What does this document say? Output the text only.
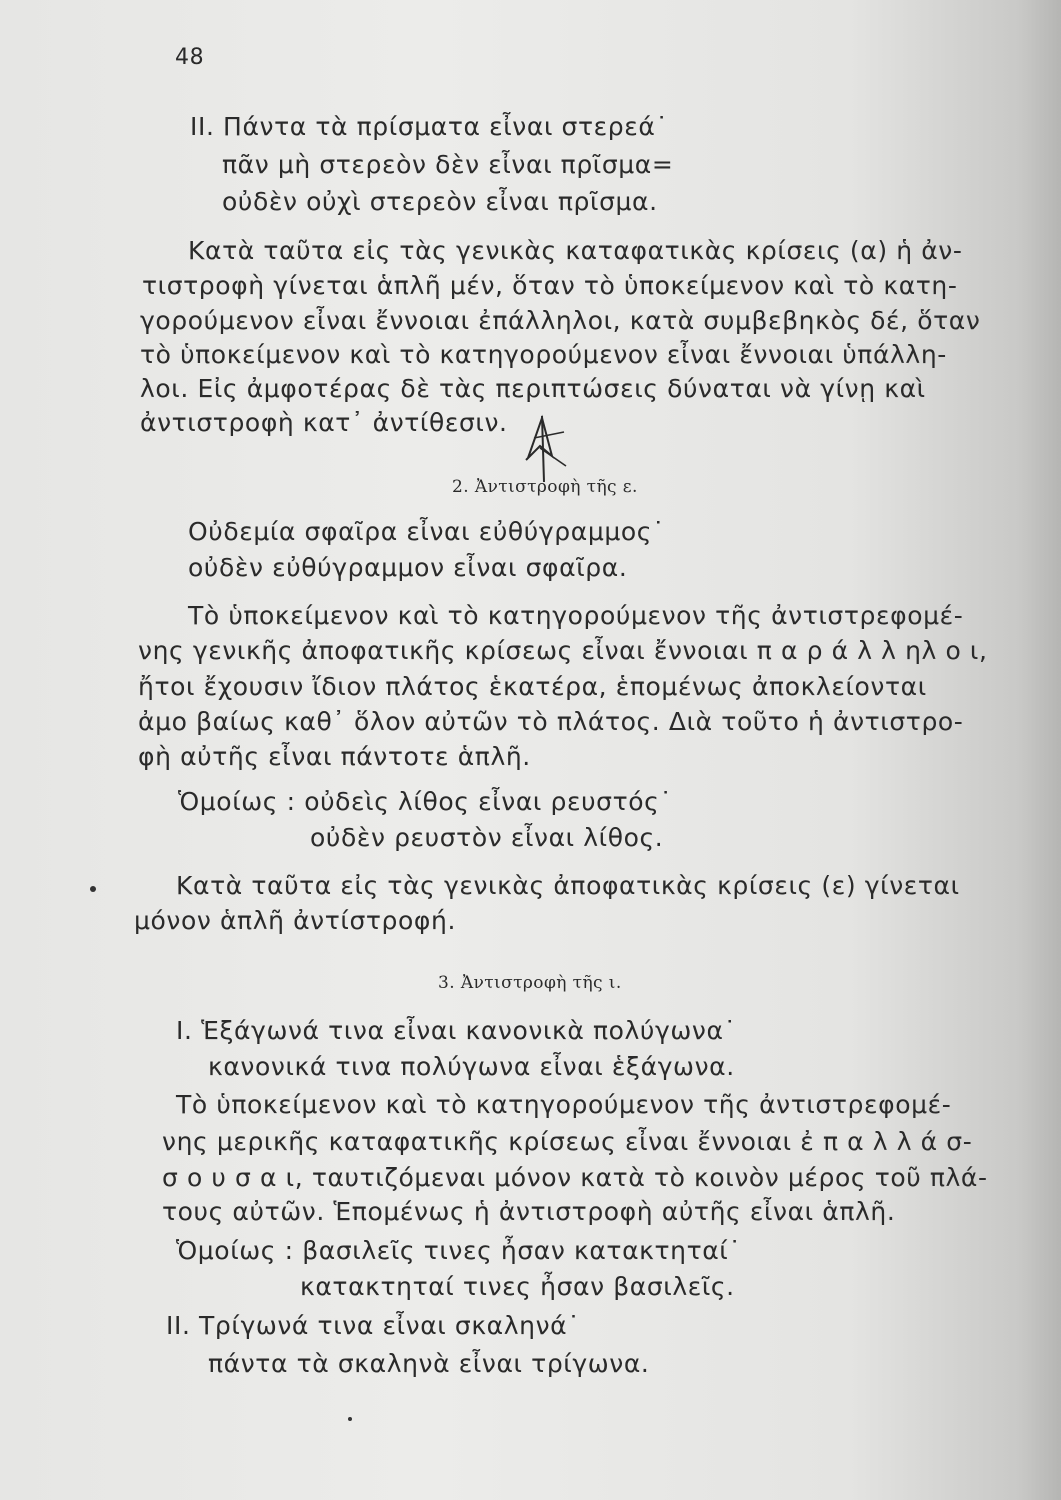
48
II. Πάντα τὰ πρίσματα εἶναι στερεά˙
πᾶν μὴ στερεὸν δὲν εἶναι πρῖσμα=
οὐδὲν οὐχὶ στερεὸν εἶναι πρῖσμα.
Κατὰ ταῦτα εἰς τὰς γενικὰς καταφατικὰς κρίσεις (α) ἡ ἀν-
τιστροφὴ γίνεται ἁπλῆ μέν, ὅταν τὸ ὑποκείμενον καὶ τὸ κατη-
γορούμενον εἶναι ἔννοιαι ἐπάλληλοι, κατὰ συμβεβηκὸς δέ, ὅταν
τὸ ὑποκείμενον καὶ τὸ κατηγορούμενον εἶναι ἔννοιαι ὑπάλλη-
λοι. Εἰς ἀμφοτέρας δὲ τὰς περιπτώσεις δύναται νὰ γίνῃ καὶ
ἀντιστροφὴ κατ᾽ ἀντίθεσιν.
2. Ἀντιστροφὴ τῆς ε.
Οὐδεμία σφαῖρα εἶναι εὐθύγραμμος˙
οὐδὲν εὐθύγραμμον εἶναι σφαῖρα.
Τὸ ὑποκείμενον καὶ τὸ κατηγορούμενον τῆς ἀντιστρεφομέ-
νης γενικῆς ἀποφατικῆς κρίσεως εἶναι ἔννοιαι π α ρ ά λ λ ηλ ο ι,
ἤτοι ἔχουσιν ἴδιον πλάτος ἑκατέρα, ἑπομένως ἀποκλείονται
ἀμο βαίως καθ᾽ ὅλον αὐτῶν τὸ πλάτος. Διὰ τοῦτο ἡ ἀντιστρο-
φὴ αὐτῆς εἶναι πάντοτε ἁπλῆ.
Ὁμοίως : οὐδεὶς λίθος εἶναι ρευστός˙
οὐδὲν ρευστὸν εἶναι λίθος.
Κατὰ ταῦτα εἰς τὰς γενικὰς ἀποφατικὰς κρίσεις (ε) γίνεται
μόνον ἁπλῆ ἀντίστροφή.
3. Ἀντιστροφὴ τῆς ι.
I. Ἑξάγωνά τινα εἶναι κανονικὰ πολύγωνα˙
κανονικά τινα πολύγωνα εἶναι ἑξάγωνα.
Τὸ ὑποκείμενον καὶ τὸ κατηγορούμενον τῆς ἀντιστρεφομέ-
νης μερικῆς καταφατικῆς κρίσεως εἶναι ἔννοιαι ἐ π α λ λ ά σ-
σ ο υ σ α ι, ταυτιζόμεναι μόνον κατὰ τὸ κοινὸν μέρος τοῦ πλά-
τους αὐτῶν. Ἑπομένως ἡ ἀντιστροφὴ αὐτῆς εἶναι ἁπλῆ.
Ὁμοίως : βασιλεῖς τινες ἦσαν κατακτηταί˙
κατακτηταί τινες ἦσαν βασιλεῖς.
II. Τρίγωνά τινα εἶναι σκαληνά˙
πάντα τὰ σκαληνὰ εἶναι τρίγωνα.
